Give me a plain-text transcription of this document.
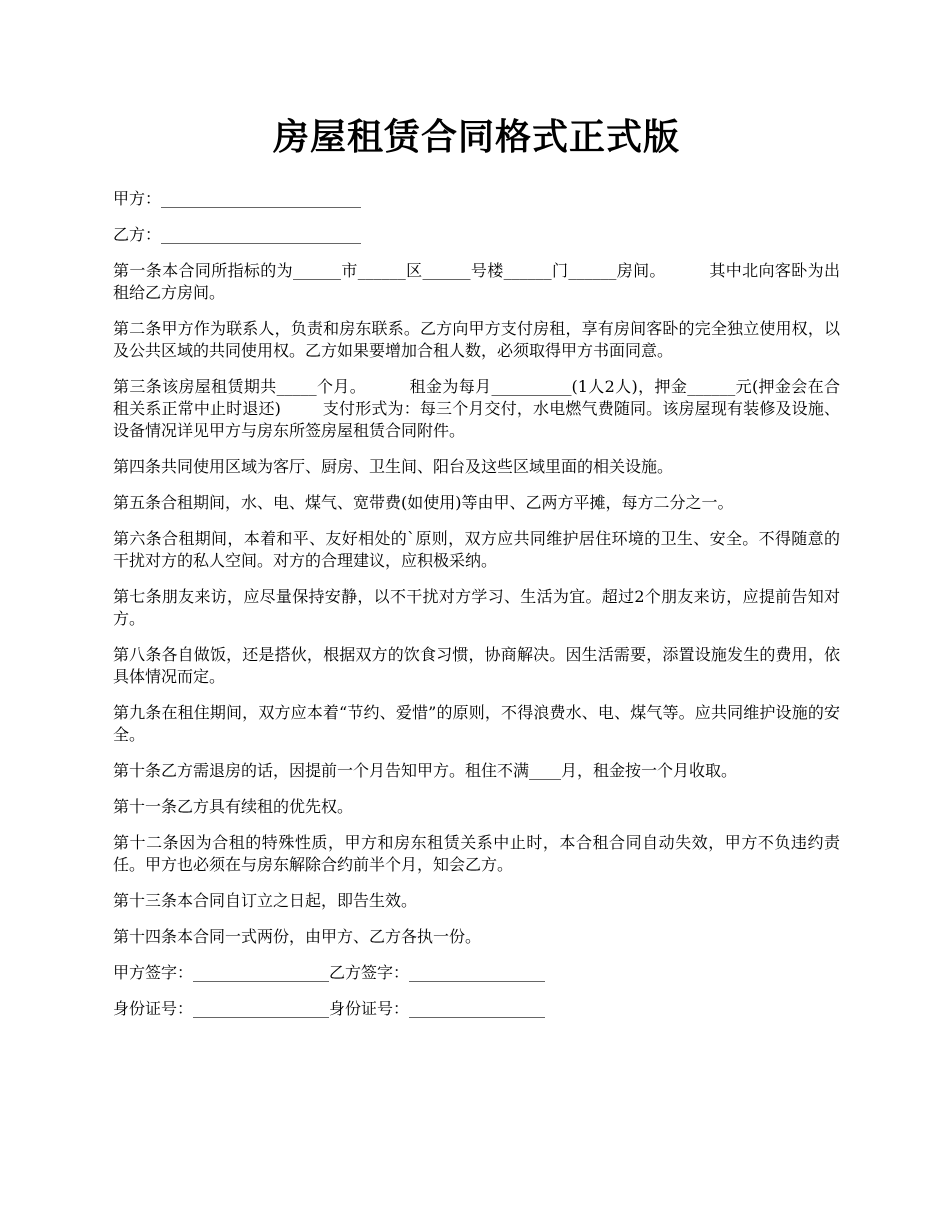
房屋租赁合同格式正式版

甲方：_________________________

乙方：_________________________

第一条本合同所指标的为______市______区______号楼______门______房间。        其中北向客卧为出租给乙方房间。

第二条甲方作为联系人，负责和房东联系。乙方向甲方支付房租，享有房间客卧的完全独立使用权，以及公共区域的共同使用权。乙方如果要增加合租人数，必须取得甲方书面同意。

第三条该房屋租赁期共_____个月。        租金为每月__________(1人2人)，押金______元(押金会在合租关系正常中止时退还)        支付形式为：每三个月交付，水电燃气费随同。该房屋现有装修及设施、设备情况详见甲方与房东所签房屋租赁合同附件。

第四条共同使用区域为客厅、厨房、卫生间、阳台及这些区域里面的相关设施。

第五条合租期间，水、电、煤气、宽带费(如使用)等由甲、乙两方平摊，每方二分之一。

第六条合租期间，本着和平、友好相处的`原则，双方应共同维护居住环境的卫生、安全。不得随意的干扰对方的私人空间。对方的合理建议，应积极采纳。

第七条朋友来访，应尽量保持安静，以不干扰对方学习、生活为宜。超过2个朋友来访，应提前告知对方。

第八条各自做饭，还是搭伙，根据双方的饮食习惯，协商解决。因生活需要，添置设施发生的费用，依具体情况而定。

第九条在租住期间，双方应本着“节约、爱惜”的原则，不得浪费水、电、煤气等。应共同维护设施的安全。

第十条乙方需退房的话，因提前一个月告知甲方。租住不满____月，租金按一个月收取。

第十一条乙方具有续租的优先权。

第十二条因为合租的特殊性质，甲方和房东租赁关系中止时，本合租合同自动失效，甲方不负违约责任。甲方也必须在与房东解除合约前半个月，知会乙方。

第十三条本合同自订立之日起，即告生效。

第十四条本合同一式两份，由甲方、乙方各执一份。

甲方签字：_________________乙方签字：_________________

身份证号：_________________身份证号：_________________
